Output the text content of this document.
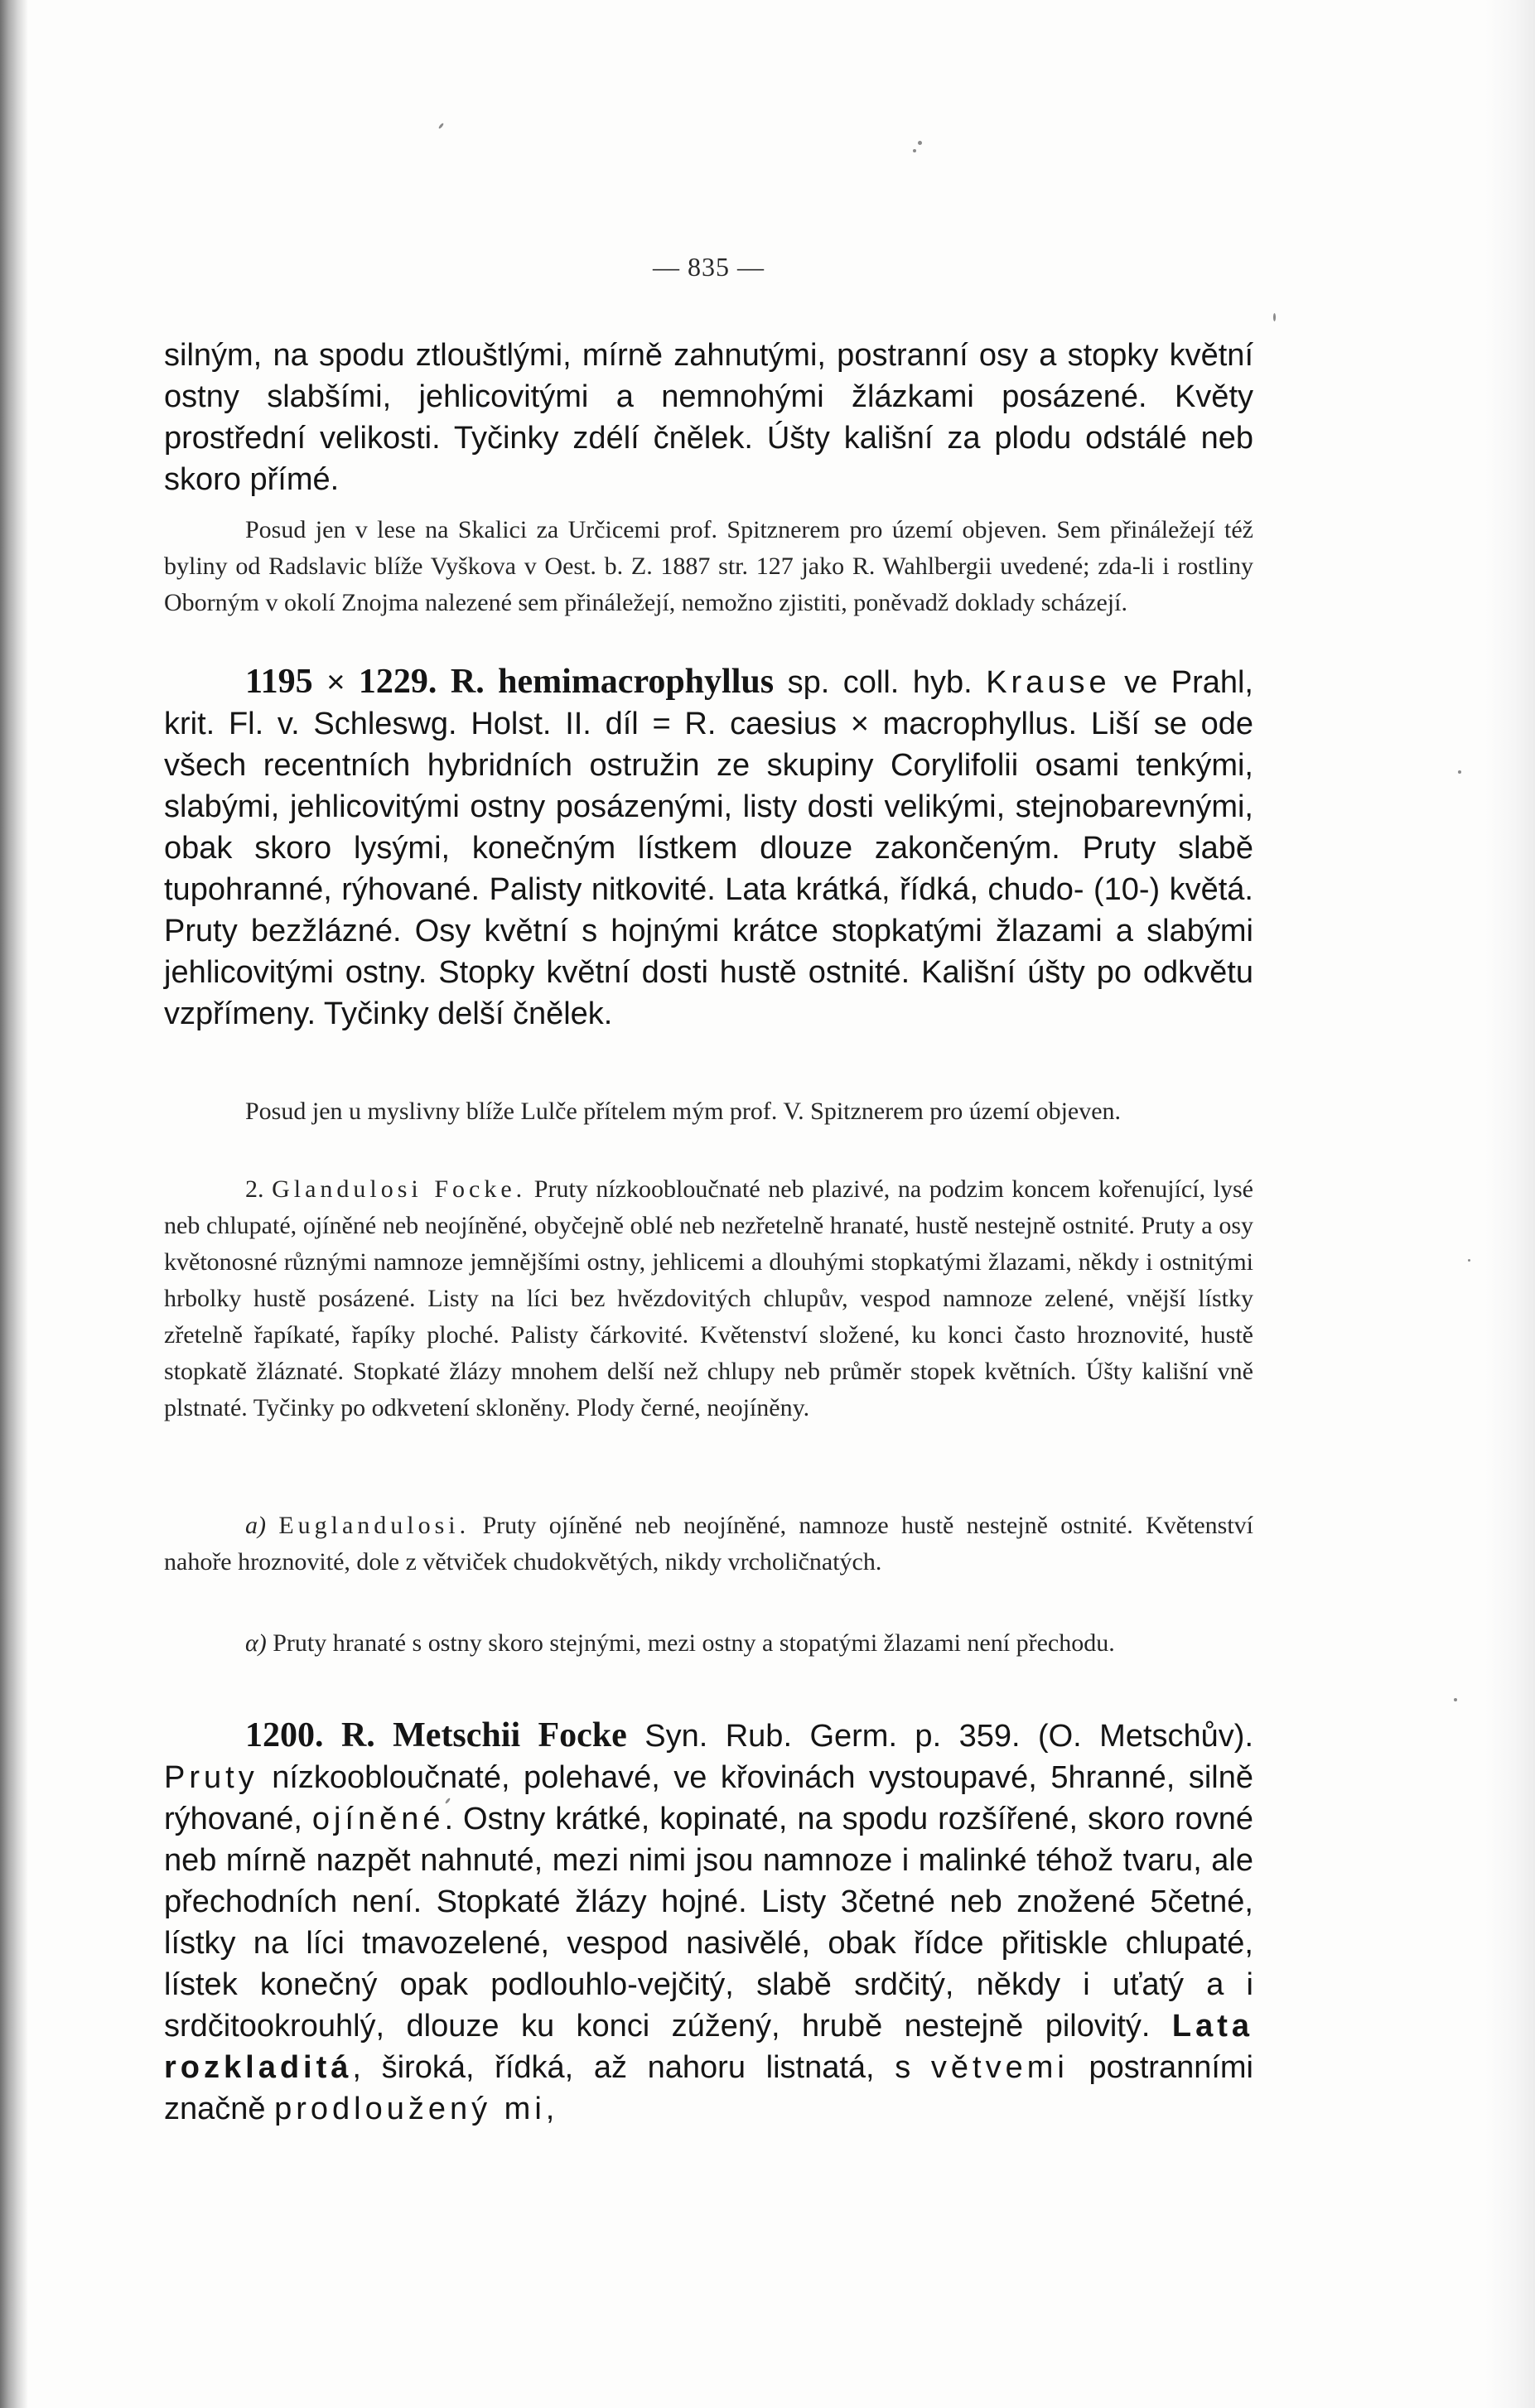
— 835 —

silným, na spodu ztlouštlými, mírně zahnutými, postranní osy a stopky květní ostny slabšími, jehlicovitými a nemnohými žlázkami posázené. Květy prostřední velikosti. Tyčinky zdélí čnělek. Úšty kališní za plodu odstálé neb skoro přímé.

Posud jen v lese na Skalici za Určicemi prof. Spitznerem pro území objeven. Sem přináležejí též byliny od Radslavic blíže Vyškova v Oest. b. Z. 1887 str. 127 jako R. Wahlbergii uvedené; zda-li i rostliny Oborným v okolí Znojma nalezené sem přináležejí, nemožno zjistiti, poněvadž doklady scházejí.

1195 × 1229. R. hemimacrophyllus sp. coll. hyb. Krause ve Prahl, krit. Fl. v. Schleswg. Holst. II. díl = R. caesius × macrophyllus. Liší se ode všech recentních hybridních ostružin ze skupiny Corylifolii osami tenkými, slabými, jehlicovitými ostny posázenými, listy dosti velikými, stejnobarevnými, obak skoro lysými, konečným lístkem dlouze zakončeným. Pruty slabě tupohranné, rýhované. Palisty nitkovité. Lata krátká, řídká, chudo- (10-) květá. Pruty bezžlázné. Osy květní s hojnými krátce stopkatými žlazami a slabými jehlicovitými ostny. Stopky květní dosti hustě ostnité. Kališní úšty po odkvětu vzpřímeny. Tyčinky delší čnělek.

Posud jen u myslivny blíže Lulče přítelem mým prof. V. Spitznerem pro území objeven.

2. Glandulosi Focke. Pruty nízkoobloučnaté neb plazivé, na podzim koncem kořenující, lysé neb chlupaté, ojíněné neb neojíněné, obyčejně oblé neb nezřetelně hranaté, hustě nestejně ostnité. Pruty a osy květonosné různými namnoze jemnějšími ostny, jehlicemi a dlouhými stopkatými žlazami, někdy i ostnitými hrbolky hustě posázené. Listy na líci bez hvězdovitých chlupův, vespod namnoze zelené, vnější lístky zřetelně řapíkaté, řapíky ploché. Palisty čárkovité. Květenství složené, ku konci často hroznovité, hustě stopkatě žláznaté. Stopkaté žlázy mnohem delší než chlupy neb průměr stopek květních. Úšty kališní vně plstnaté. Tyčinky po odkvetení skloněny. Plody černé, neojíněny.

a) Euglandulosi. Pruty ojíněné neb neojíněné, namnoze hustě nestejně ostnité. Květenství nahoře hroznovité, dole z větviček chudokvětých, nikdy vrcholičnatých.

α) Pruty hranaté s ostny skoro stejnými, mezi ostny a stopatými žlazami není přechodu.

1200. R. Metschii Focke Syn. Rub. Germ. p. 359. (O. Metschův). Pruty nízkoobloučnaté, polehavé, ve křovinách vystoupavé, 5hranné, silně rýhované, ojíněné. Ostny krátké, kopinaté, na spodu rozšířené, skoro rovné neb mírně nazpět nahnuté, mezi nimi jsou namnoze i malinké téhož tvaru, ale přechodních není. Stopkaté žlázy hojné. Listy 3četné neb znožené 5četné, lístky na líci tmavozelené, vespod nasivělé, obak řídce přitiskle chlupaté, lístek konečný opak podlouhlo-vejčitý, slabě srdčitý, někdy i uťatý a i srdčitookrouhlý, dlouze ku konci zúžený, hrubě nestejně pilovitý. Lata rozkladitá, široká, řídká, až nahoru listnatá, s větvemi postranními značně prodloužený mi,
